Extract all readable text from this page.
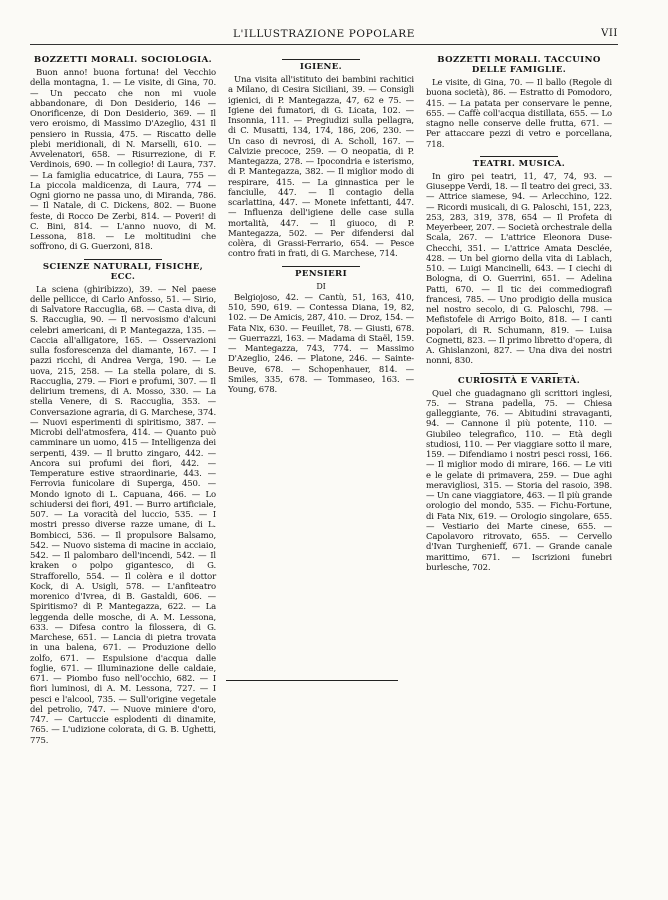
L'ILLUSTRAZIONE POPOLARE	VII
BOZZETTI MORALI. SOCIOLOGIA.

Buon anno! buona fortuna! del Vecchio della montagna, 1. — Le visite, di Gina, 70. — Un peccato che non mi vuole abbandonare, di Don Desiderio, 146 — Onorificenze, di Don Desiderio, 369. — Il vero eroismo, di Massimo D'Azeglio, 431 Il pensiero in Russia, 475. — Riscatto delle plebi meridionali, di N. Marselli, 610. — Avvelenatori, 658. — Risurrezione, di F. Verdinois, 690. — In collegio! di Laura, 737. — La famiglia educatrice, di Laura, 755 — La piccola maldicenza, di Laura, 774 — Ogni giorno ne passa uno, di Miranda, 786. — Il Natale, di C. Dickens, 802. — Buone feste, di Rocco De Zerbi, 814. — Poveri! di C. Bini, 814. — L'anno nuovo, di M. Lessona, 818. — Le moltitudini che soffrono, di G. Guerzoni, 818.

SCIENZE NATURALI, FISICHE, ECC.

La sciena (ghiribizzo), 39. — Nel paese delle pellicce, di Carlo Anfosso, 51. — Sirio, di Salvatore Raccuglia, 68. — Casta diva, di S. Raccuglia, 90. — Il nervosismo d'alcuni celebri americani, di P. Mantegazza, 135. — Caccia all'alligatore, 165. — Osservazioni sulla fosforescenza del diamante, 167. — I pazzi ricchi, di Andrea Verga, 190. — Le uova, 215, 258. — La stella polare, di S. Raccuglia, 279. — Fiori e profumi, 307. — Il delirium tremens, di A. Mosso, 330. — La stella Venere, di S. Raccuglia, 353. — Conversazione agraria, di G. Marchese, 374. — Nuovi esperimenti di spiritismo, 387. — Microbi dell'atmosfera, 414. — Quanto può camminare un uomo, 415 — Intelligenza dei serpenti, 439. — Il brutto zingaro, 442. — Ancora sui profumi dei fiori, 442. — Temperature estive straordinarie, 443. — Ferrovia funicolare di Superga, 450. — Mondo ignoto di L. Capuana, 466. — Lo schiudersi dei fiori, 491. — Burro artificiale, 507. — La voracità del luccio, 535. — I mostri presso diverse razze umane, di L. Bombicci, 536. — Il propulsore Balsamo, 542. — Nuovo sistema di macine in acciaio, 542. — Il palombaro dell'incendi, 542. — Il kraken o polpo gigantesco, di G. Strafforello, 554. — Il colèra e il dottor Kock, di A. Usigli, 578. — L'anfiteatro morenico d'Ivrea, di B. Gastaldi, 606. — Spiritismo? di P. Mantegazza, 622. — La leggenda delle mosche, di A. M. Lessona, 633. — Difesa contro la filossera, di G. Marchese, 651. — Lancia di pietra trovata in una balena, 671. — Produzione dello zolfo, 671. — Espulsione d'acqua dalle foglie, 671. — Illuminazione delle caldaie, 671. — Piombo fuso nell'occhio, 682. — I fiori luminosi, di A. M. Lessona, 727. — I pesci e l'alcool, 735. — Sull'origine vegetale del petrolio, 747. — Nuove miniere d'oro, 747. — Cartuccie esplodenti di dinamite, 765. — L'udizione colorata, di G. B. Ughetti, 775.

IGIENE.

Una visita all'istituto dei bambini rachitici a Milano, di Cesira Siciliani, 39. — Consigli igienici, di P. Mantegazza, 47, 62 e 75. — Igiene dei fumatori, di G. Licata, 102. — Insonnia, 111. — Pregiudizi sulla pellagra, di C. Musatti, 134, 174, 186, 206, 230. — Un caso di nevrosi, di A. Scholl, 167. — Calvizie precoce, 259. — O neopatia, di P. Mantegazza, 278. — Ipocondria e isterismo, di P. Mantegazza, 382. — Il miglior modo di respirare, 415. — La ginnastica per le fanciulle, 447. — Il contagio della scarlattina, 447. — Monete infettanti, 447. — Influenza dell'igiene delle case sulla mortalità, 447. — Il giuoco, di P. Mantegazza, 502. — Per difendersi dal colèra, di Grassi-Ferrario, 654. — Pesce contro frati in frati, di G. Marchese, 714.

PENSIERI
DI

Belgiojoso, 42. — Cantù, 51, 163, 410, 510, 590, 619. — Contessa Diana, 19, 82, 102. — De Amicis, 287, 410. — Droz, 154. — Fata Nix, 630. — Feuillet, 78. — Giusti, 678. — Guerrazzi, 163. — Madama di Staël, 159. — Mantegazza, 743, 774. — Massimo D'Azeglio, 246. — Platone, 246. — Sainte-Beuve, 678. — Schopenhauer, 814. — Smiles, 335, 678. — Tommaseo, 163. — Young, 678.

BOZZETTI MORALI. TACCUINO DELLE FAMIGLIE.

Le visite, di Gina, 70. — Il ballo (Regole di buona società), 86. — Estratto di Pomodoro, 415. — La patata per conservare le penne, 655. — Caffè coll'acqua distillata, 655. — Lo stagno nelle conserve delle frutta, 671. — Per attaccare pezzi di vetro e porcellana, 718.

TEATRI. MUSICA.

In giro pei teatri, 11, 47, 74, 93. — Giuseppe Verdi, 18. — Il teatro dei greci, 33. — Attrice siamese, 94. — Arlecchino, 122. — Ricordi musicali, di G. Paloschi, 151, 223, 253, 283, 319, 378, 654 — Il Profeta di Meyerbeer, 207. — Società orchestrale della Scala, 267. — L'attrice Eleonora Duse-Checchi, 351. — L'attrice Amata Desclée, 428. — Un bel giorno della vita di Lablach, 510. — Luigi Mancinelli, 643. — I ciechi di Bologna, di O. Guerrini, 651. — Adelina Patti, 670. — Il tic dei commediografi francesi, 785. — Uno prodigio della musica nel nostro secolo, di G. Paloschi, 798. — Mefistofele di Arrigo Boito, 818. — I canti popolari, di R. Schumann, 819. — Luisa Cognetti, 823. — Il primo libretto d'opera, di A. Ghislanzoni, 827. — Una diva dei nostri nonni, 830.

CURIOSITÀ E VARIETÀ.

Quel che guadagnano gli scrittori inglesi, 75. — Strana padella, 75. — Chiesa galleggiante, 76. — Abitudini stravaganti, 94. — Cannone il più potente, 110. — Giubileo telegrafico, 110. — Età degli studiosi, 110. — Per viaggiare sotto il mare, 159. — Difendiamo i nostri pesci rossi, 166. — Il miglior modo di mirare, 166. — Le viti e le gelate di primavera, 259. — Due aghi meravigliosi, 315. — Storia del rasoio, 398. — Un cane viaggiatore, 463. — Il più grande orologio del mondo, 535. — Fichu-Fortune, di Fata Nix, 619. — Orologio singolare, 655. — Vestiario dei Marte cinese, 655. — Capolavoro ritrovato, 655. — Cervello d'Ivan Turghenieff, 671. — Grande canale marittimo, 671. — Iscrizioni funebri burlesche, 702.
